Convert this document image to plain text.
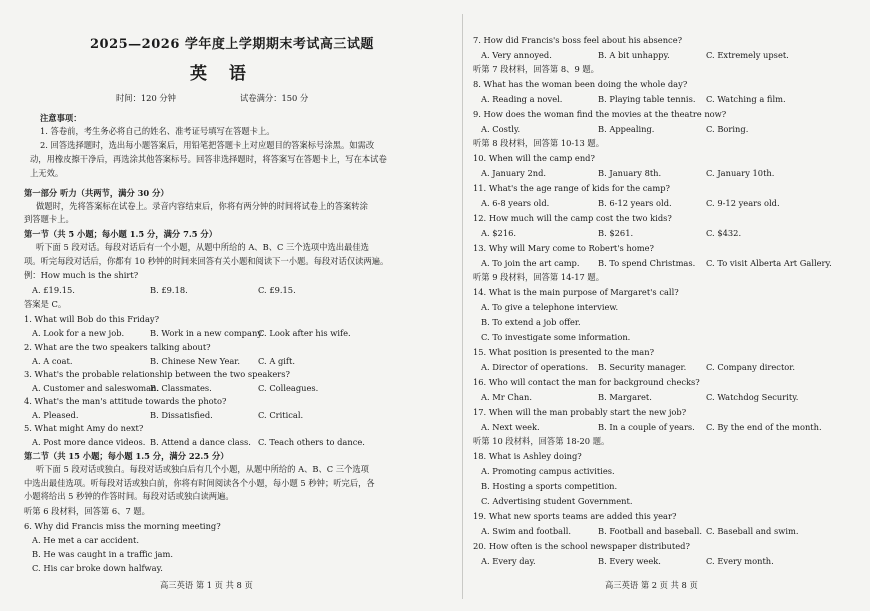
2025—2026 学年度上学期期末考试高三试题
英 语
时间：120 分钟	试卷满分：150 分
注意事项：
1. 答卷前，考生务必将自己的姓名、准考证号填写在答题卡上。
2. 回答选择题时，选出每小题答案后，用铅笔把答题卡上对应题目的答案标号涂黑。如需改
动，用橡皮擦干净后，再选涂其他答案标号。回答非选择题时，将答案写在答题卡上，写在本试卷
上无效。
第一部分 听力（共两节，满分 30 分）
做题时，先将答案标在试卷上。录音内容结束后，你将有两分钟的时间将试卷上的答案转涂
到答题卡上。
第一节（共 5 小题；每小题 1.5 分，满分 7.5 分）
听下面 5 段对话。每段对话后有一个小题，从题中所给的 A、B、C 三个选项中选出最佳选
项。听完每段对话后，你都有 10 秒钟的时间来回答有关小题和阅读下一小题。每段对话仅读两遍。
例：How much is the shirt?
A. £19.15.	B. £9.18.	C. £9.15.
答案是 C。
1. What will Bob do this Friday?
A. Look for a new job.	B. Work in a new company.
C. Look after his wife.
2. What are the two speakers talking about?
A. A coat.	B. Chinese New Year. C. A gift.
3. What's the probable relationship between the two speakers?
A. Customer and saleswoman.
B. Classmates.	C. Colleagues.
4. What's the man's attitude towards the photo?
A. Pleased.	B. Dissatisfied.	C. Critical.
5. What might Amy do next?
A. Post more dance videos. B. Attend a dance class. C. Teach others to dance.
第二节（共 15 小题；每小题 1.5 分，满分 22.5 分）
听下面 5 段对话或独白。每段对话或独白后有几个小题，从题中所给的 A、B、C 三个选项
中选出最佳选项。听每段对话或独白前，你将有时间阅读各个小题，每小题 5 秒钟；听完后，各
小题将给出 5 秒钟的作答时间。每段对话或独白读两遍。
听第 6 段材料，回答第 6、7 题。
6. Why did Francis miss the morning meeting?
A. He met a car accident.
B. He was caught in a traffic jam.
C. His car broke down halfway.
高三英语 第 1 页 共 8 页
7. How did Francis's boss feel about his absence?
A. Very annoyed.	B. A bit unhappy.	C. Extremely upset.
听第 7 段材料，回答第 8、9 题。
8. What has the woman been doing the whole day?
A. Reading a novel.	B. Playing table tennis. C. Watching a film.
9. How does the woman find the movies at the theatre now?
A. Costly.	B. Appealing.	C. Boring.
听第 8 段材料，回答第 10-13 题。
10. When will the camp end?
A. January 2nd.	B. January 8th.	C. January 10th.
11. What's the age range of kids for the camp?
A. 6-8 years old.	B. 6-12 years old.	C. 9-12 years old.
12. How much will the camp cost the two kids?
A. $216.	B. $261.	C. $432.
13. Why will Mary come to Robert's home?
A. To join the art camp. B. To spend Christmas. C. To visit Alberta Art Gallery.
听第 9 段材料，回答第 14-17 题。
14. What is the main purpose of Margaret's call?
A. To give a telephone interview.
B. To extend a job offer.
C. To investigate some information.
15. What position is presented to the man?
A. Director of operations. B. Security manager. C. Company director.
16. Who will contact the man for background checks?
A. Mr Chan.	B. Margaret.	C. Watchdog Security.
17. When will the man probably start the new job?
A. Next week.	B. In a couple of years. C. By the end of the month.
听第 10 段材料，回答第 18-20 题。
18. What is Ashley doing?
A. Promoting campus activities.
B. Hosting a sports competition.
C. Advertising student Government.
19. What new sports teams are added this year?
A. Swim and football.	B. Football and baseball. C. Baseball and swim.
20. How often is the school newspaper distributed?
A. Every day.	B. Every week.	C. Every month.
高三英语 第 2 页 共 8 页
